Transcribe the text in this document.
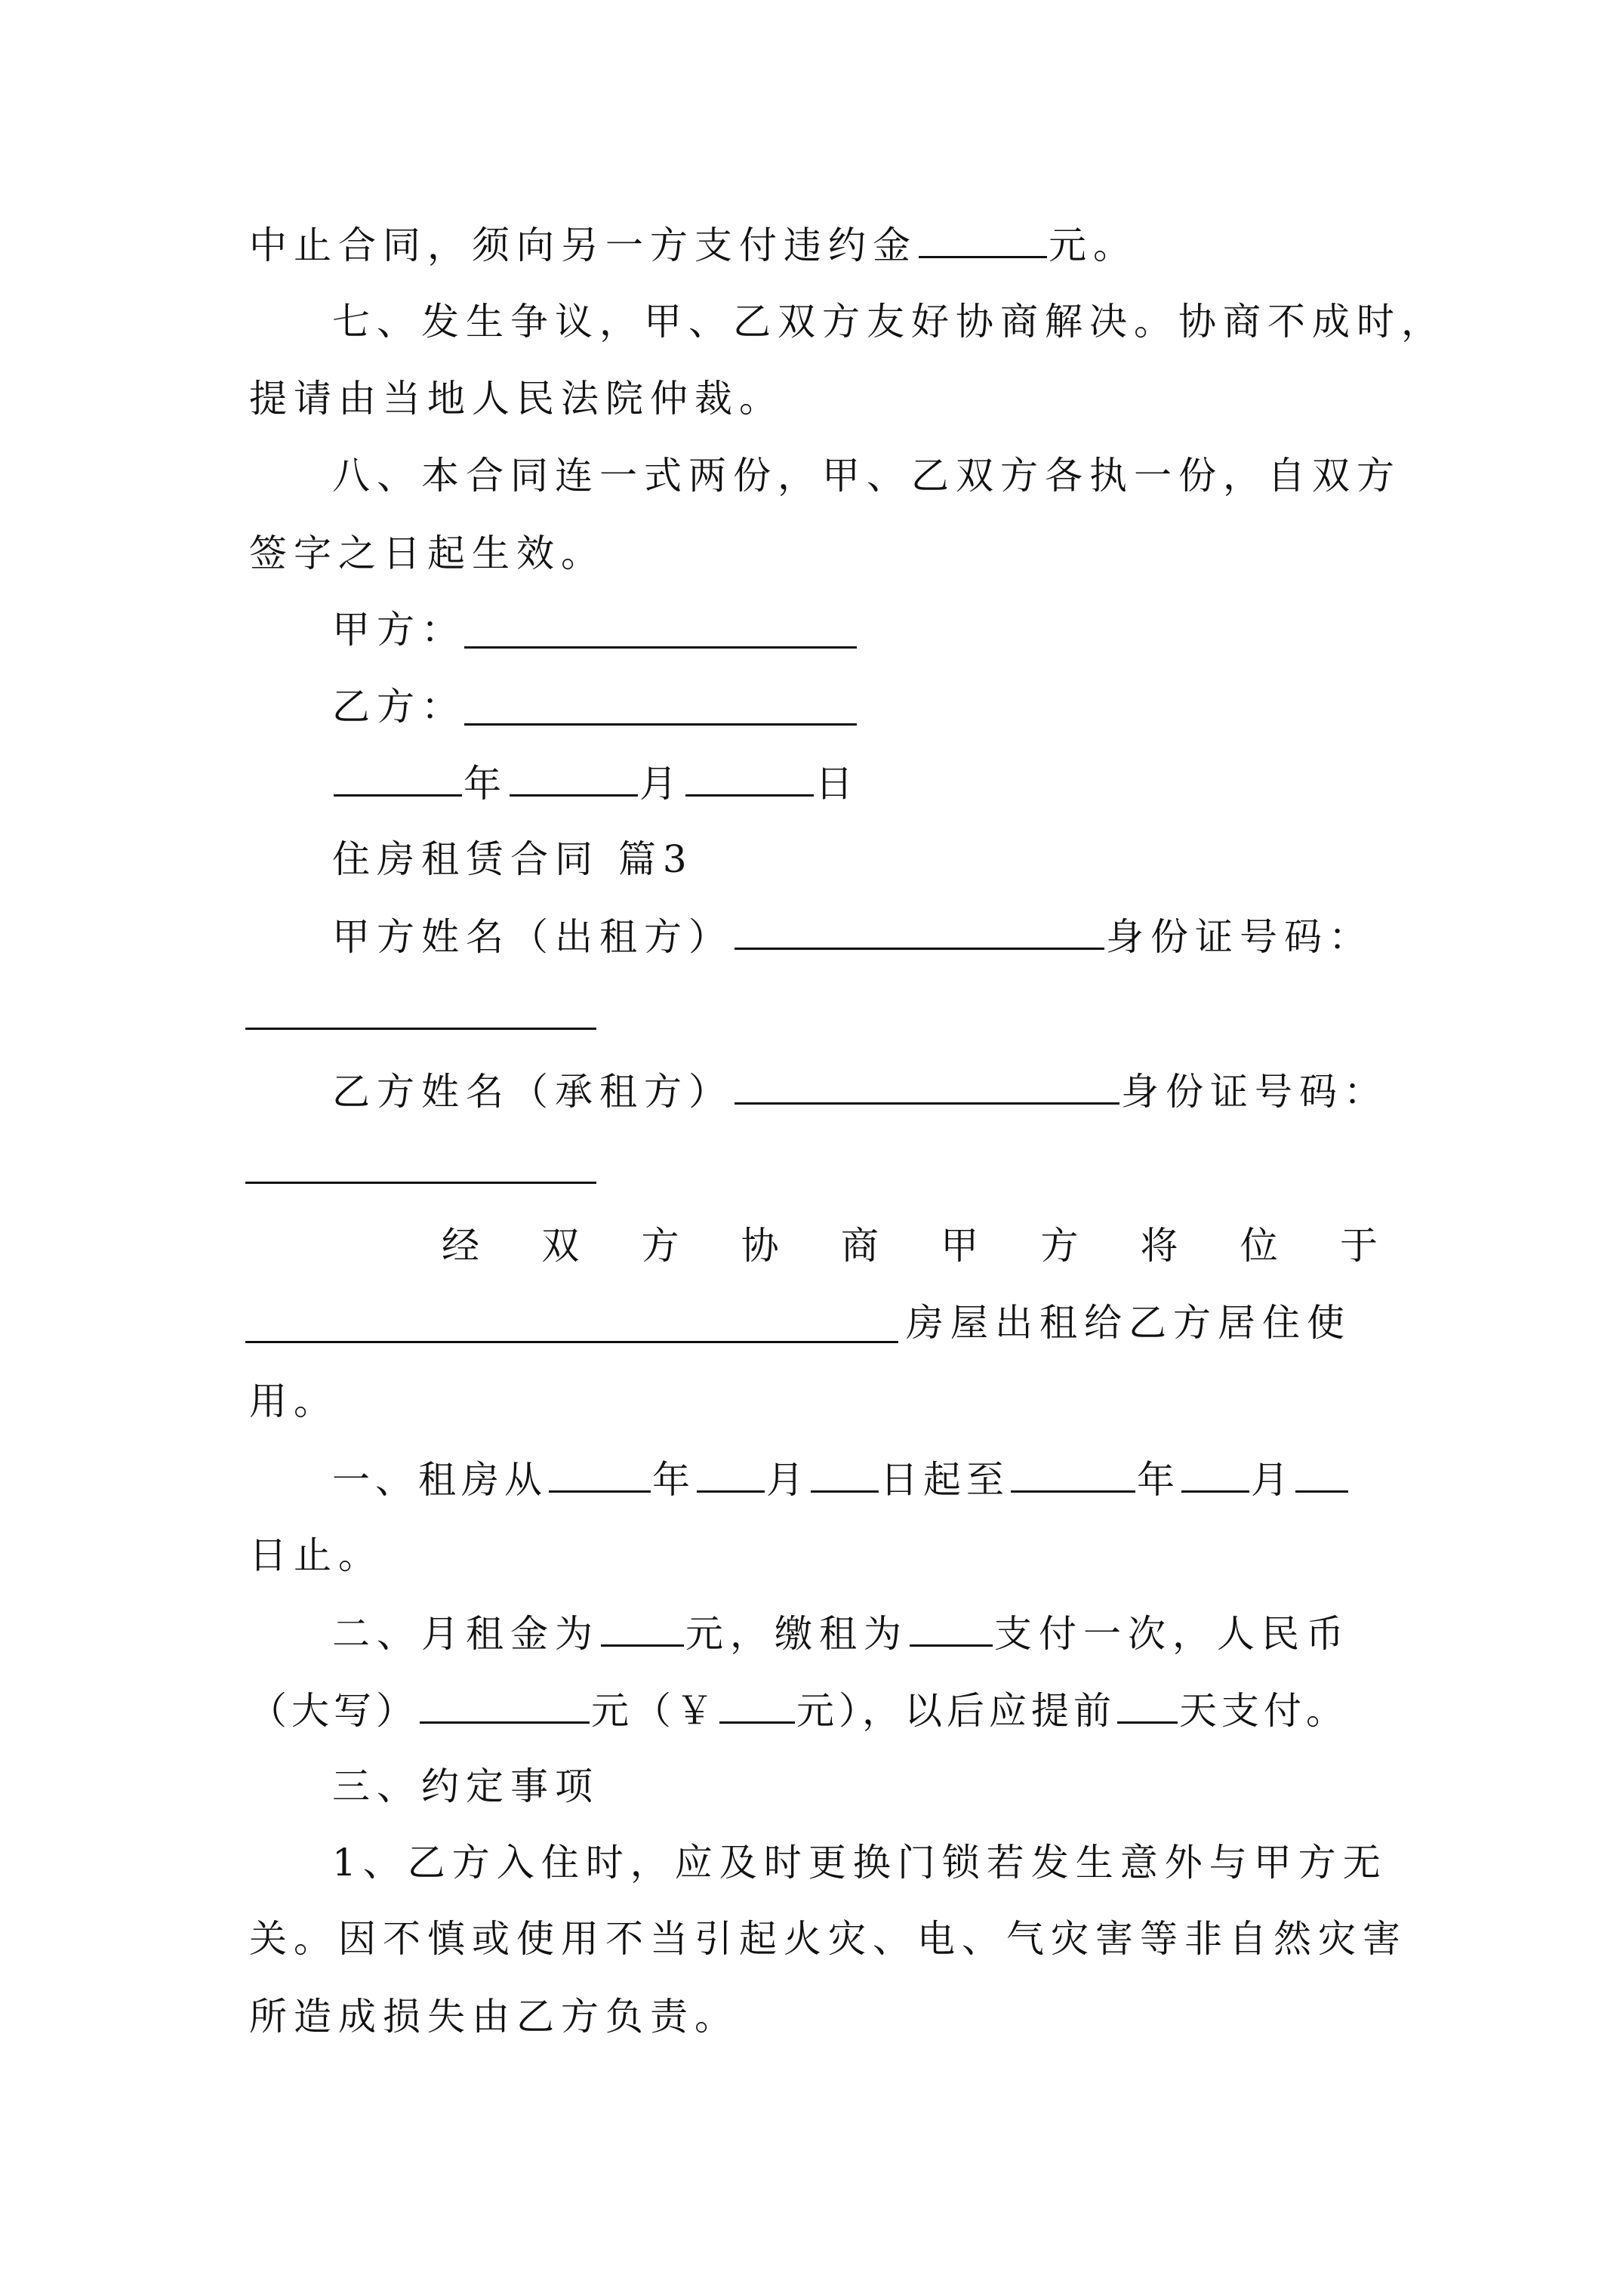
中止合同，须向另一方支付违约金	元。
七、发生争议，甲、乙双方友好协商解决。协商不成时，
提请由当地人民法院仲裁。
八、本合同连一式两份，甲、乙双方各执一份，自双方
签字之日起生效。
甲方：
乙方：
年	月	日
住房租赁合同 篇3
甲方姓名（出租方）	身份证号码：
乙方姓名（承租方）	身份证号码：
经 双 方 协 商 甲 方 将 位 于
房屋出租给乙方居住使
用。
一、租房从	年 月 日起至	年 月
日止。
二、月租金为 元，缴租为 支付一次，人民币
（大写）	元（￥ 元），以后应提前 天支付。
三、约定事项
1、乙方入住时，应及时更换门锁若发生意外与甲方无
关。因不慎或使用不当引起火灾、电、气灾害等非自然灾害
所造成损失由乙方负责。
